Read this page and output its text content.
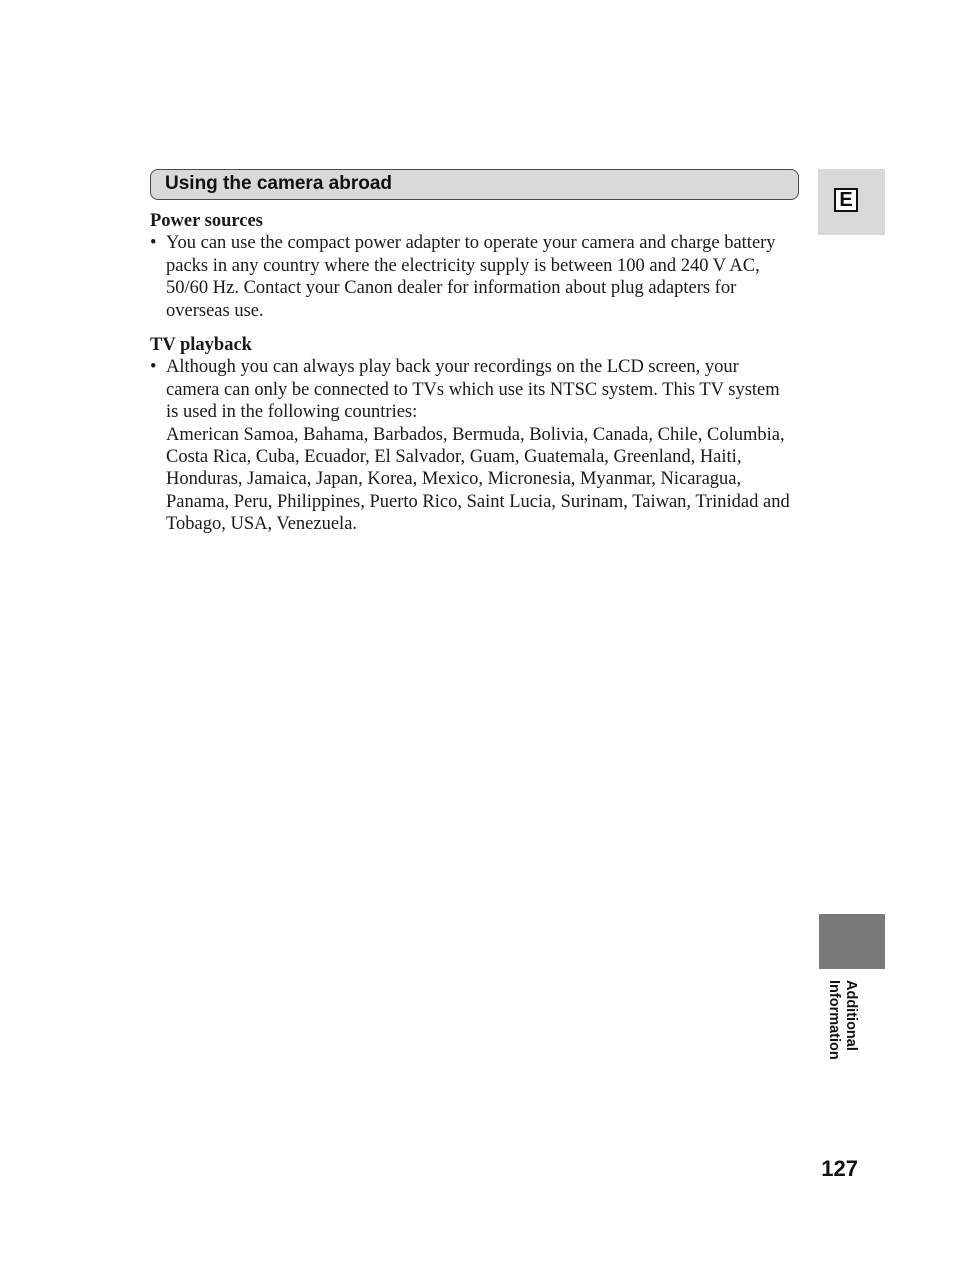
Using the camera abroad
E

Power sources

• You can use the compact power adapter to operate your camera and charge battery packs in any country where the electricity supply is between 100 and 240 V AC, 50/60 Hz. Contact your Canon dealer for information about plug adapters for overseas use.

TV playback

• Although you can always play back your recordings on the LCD screen, your camera can only be connected to TVs which use its NTSC system. This TV system is used in the following countries:
American Samoa, Bahama, Barbados, Bermuda, Bolivia, Canada, Chile, Columbia, Costa Rica, Cuba, Ecuador, El Salvador, Guam, Guatemala, Greenland, Haiti, Honduras, Jamaica, Japan, Korea, Mexico, Micronesia, Myanmar, Nicaragua, Panama, Peru, Philippines, Puerto Rico, Saint Lucia, Surinam, Taiwan, Trinidad and Tobago, USA, Venezuela.
Additional
Information
127
